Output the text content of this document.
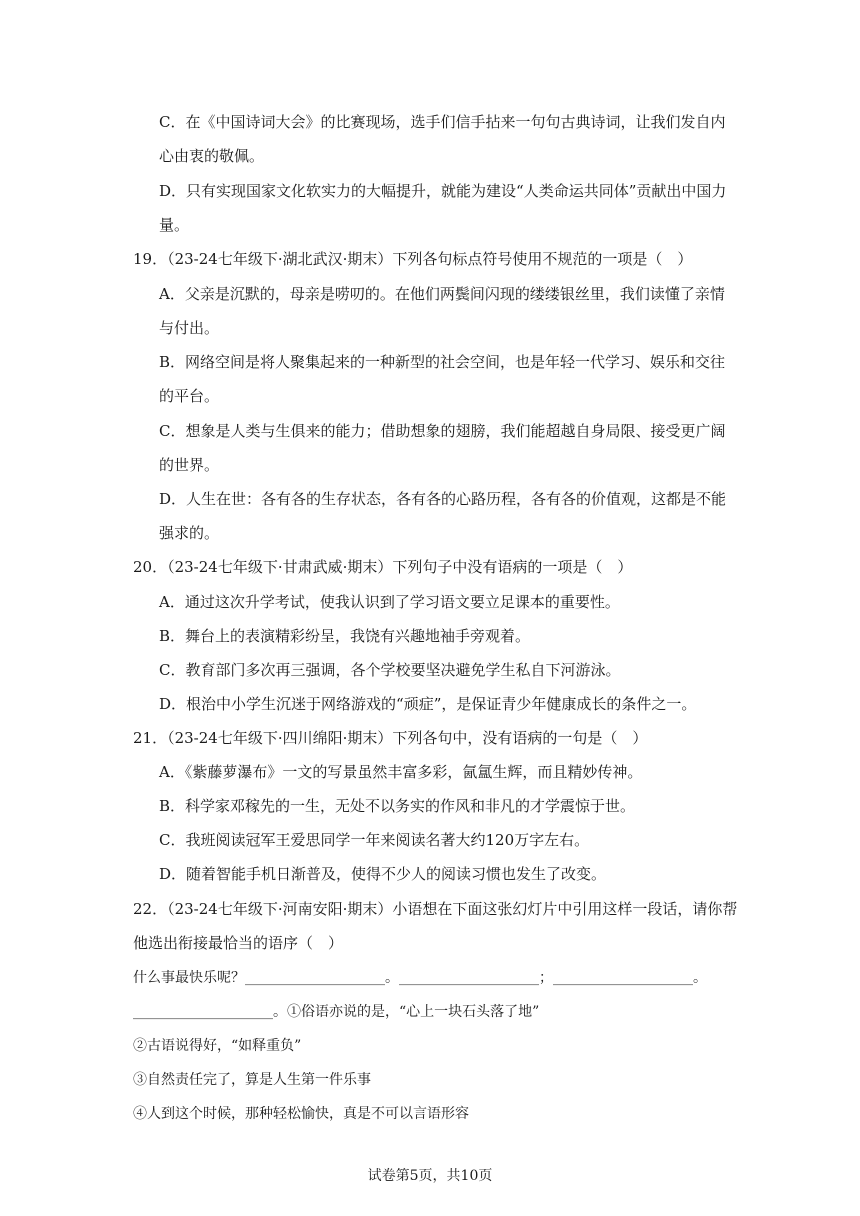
C．在《中国诗词大会》的比赛现场，选手们信手拈来一句句古典诗词，让我们发自内
心由衷的敬佩。
D．只有实现国家文化软实力的大幅提升，就能为建设“人类命运共同体”贡献出中国力
量。
19．（23-24七年级下·湖北武汉·期末）下列各句标点符号使用不规范的一项是（　）
A．父亲是沉默的，母亲是唠叨的。在他们两鬓间闪现的缕缕银丝里，我们读懂了亲情
与付出。
B．网络空间是将人聚集起来的一种新型的社会空间，也是年轻一代学习、娱乐和交往
的平台。
C．想象是人类与生俱来的能力；借助想象的翅膀，我们能超越自身局限、接受更广阔
的世界。
D．人生在世：各有各的生存状态，各有各的心路历程，各有各的价值观，这都是不能
强求的。
20．（23-24七年级下·甘肃武威·期末）下列句子中没有语病的一项是（　）
A．通过这次升学考试，使我认识到了学习语文要立足课本的重要性。
B．舞台上的表演精彩纷呈，我饶有兴趣地袖手旁观着。
C．教育部门多次再三强调，各个学校要坚决避免学生私自下河游泳。
D．根治中小学生沉迷于网络游戏的“顽症”，是保证青少年健康成长的条件之一。
21．（23-24七年级下·四川绵阳·期末）下列各句中，没有语病的一句是（　）
A．《紫藤萝瀑布》一文的写景虽然丰富多彩，氤氲生辉，而且精妙传神。
B．科学家邓稼先的一生，无处不以务实的作风和非凡的才学震惊于世。
C．我班阅读冠军王爱思同学一年来阅读名著大约120万字左右。
D．随着智能手机日渐普及，使得不少人的阅读习惯也发生了改变。
22．（23-24七年级下·河南安阳·期末）小语想在下面这张幻灯片中引用这样一段话，请你帮
他选出衔接最恰当的语序（　）
什么事最快乐呢？____________________。____________________；____________________。
____________________。①俗语亦说的是，“心上一块石头落了地”
②古语说得好，“如释重负”
③自然责任完了，算是人生第一件乐事
④人到这个时候，那种轻松愉快，真是不可以言语形容
试卷第5页，共10页
